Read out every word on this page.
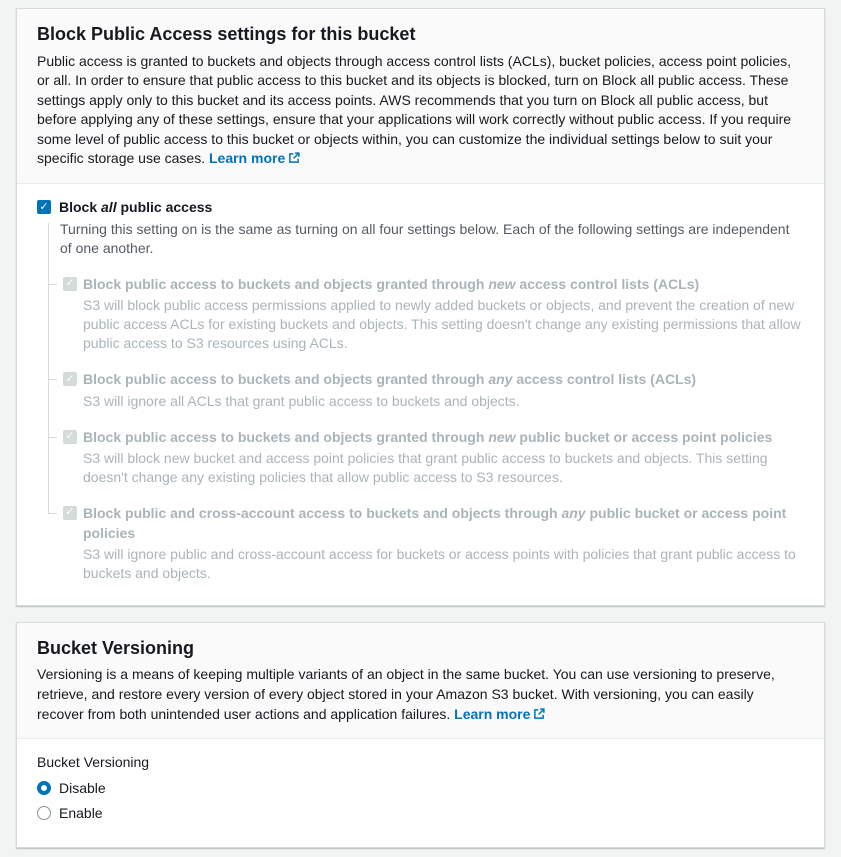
Block Public Access settings for this bucket

Public access is granted to buckets and objects through access control lists (ACLs), bucket policies, access point policies, or all. In order to ensure that public access to this bucket and its objects is blocked, turn on Block all public access. These settings apply only to this bucket and its access points. AWS recommends that you turn on Block all public access, but before applying any of these settings, ensure that your applications will work correctly without public access. If you require some level of public access to this bucket or objects within, you can customize the individual settings below to suit your specific storage use cases. Learn more

✓
Block all public access
Turning this setting on is the same as turning on all four settings below. Each of the following settings are independent of one another.
✓
Block public access to buckets and objects granted through new access control lists (ACLs)
S3 will block public access permissions applied to newly added buckets or objects, and prevent the creation of new public access ACLs for existing buckets and objects. This setting doesn't change any existing permissions that allow public access to S3 resources using ACLs.
✓
Block public access to buckets and objects granted through any access control lists (ACLs)
S3 will ignore all ACLs that grant public access to buckets and objects.
✓
Block public access to buckets and objects granted through new public bucket or access point policies
S3 will block new bucket and access point policies that grant public access to buckets and objects. This setting doesn't change any existing policies that allow public access to S3 resources.
✓
Block public and cross-account access to buckets and objects through any public bucket or access point policies
S3 will ignore public and cross-account access for buckets or access points with policies that grant public access to buckets and objects.
Bucket Versioning

Versioning is a means of keeping multiple variants of an object in the same bucket. You can use versioning to preserve, retrieve, and restore every version of every object stored in your Amazon S3 bucket. With versioning, you can easily recover from both unintended user actions and application failures. Learn more

Bucket Versioning
Disable
Enable
